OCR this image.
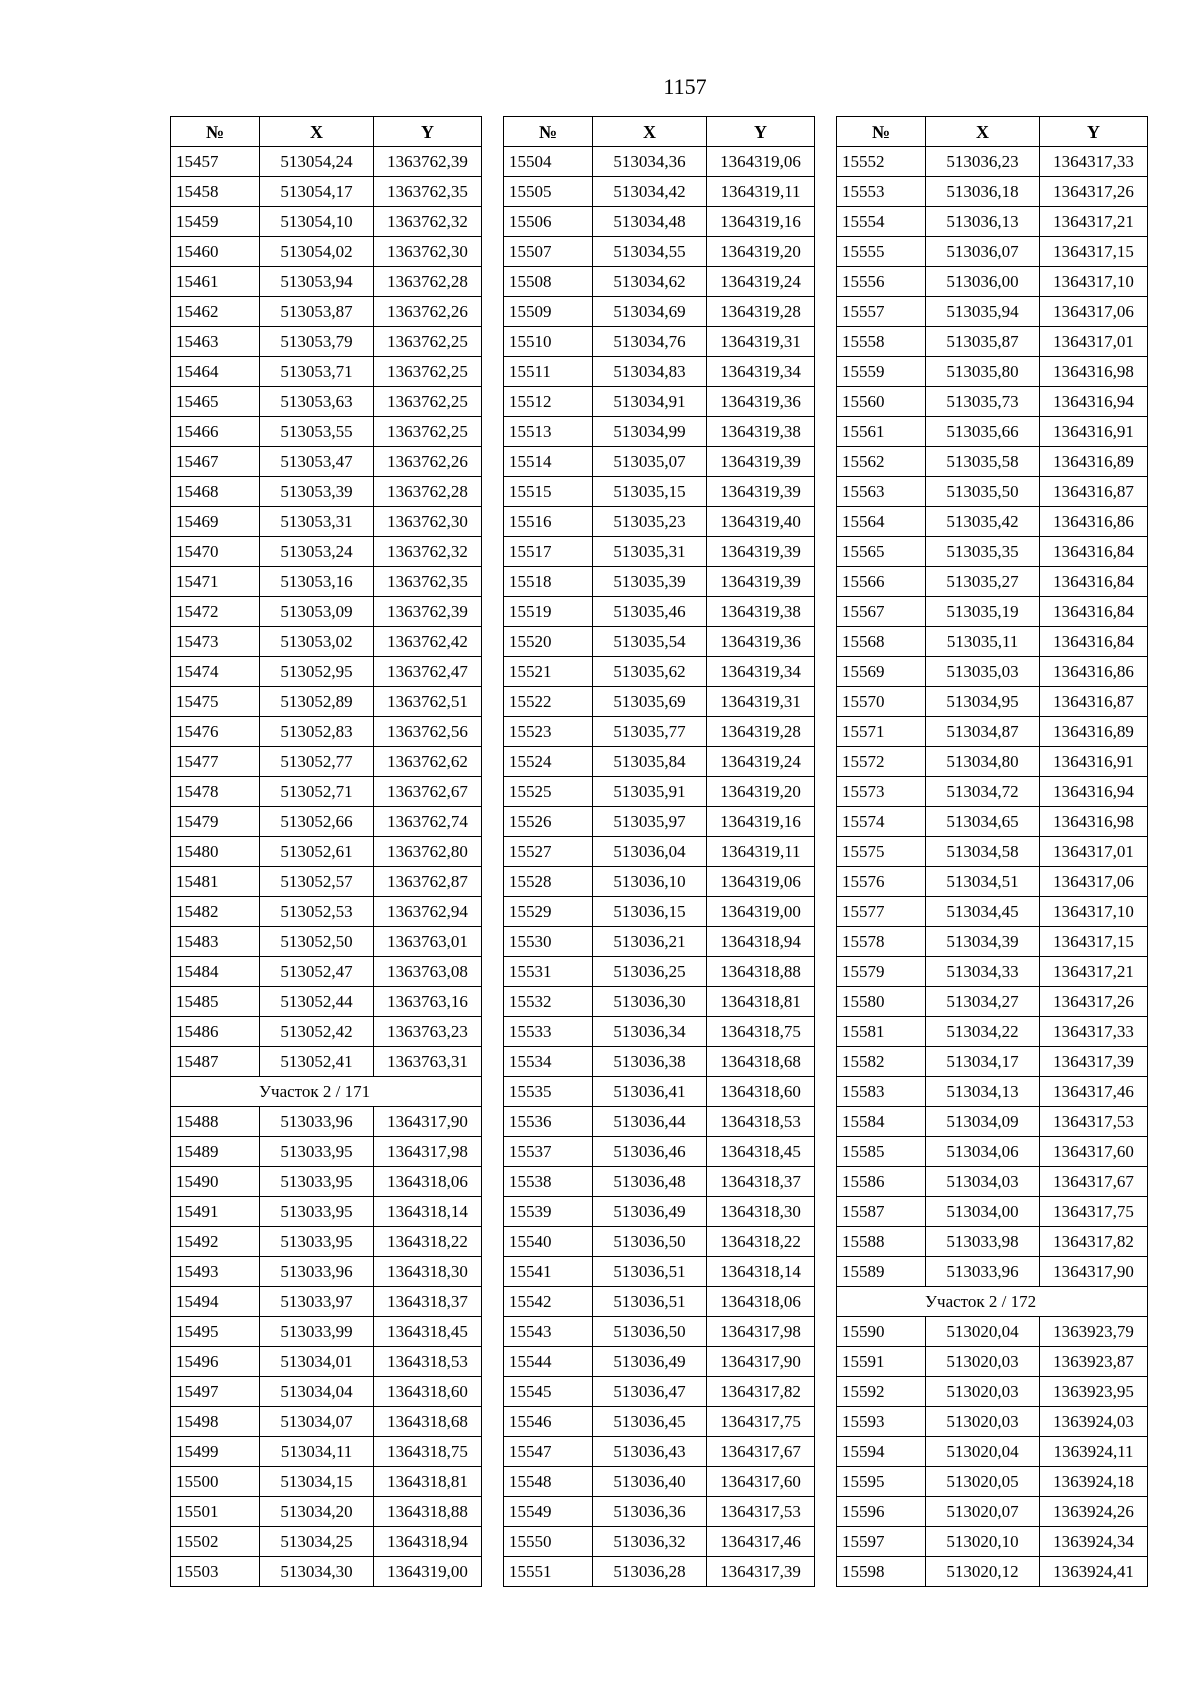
1157
№	X	Y
15457	513054,24	1363762,39
15458	513054,17	1363762,35
15459	513054,10	1363762,32
15460	513054,02	1363762,30
15461	513053,94	1363762,28
15462	513053,87	1363762,26
15463	513053,79	1363762,25
15464	513053,71	1363762,25
15465	513053,63	1363762,25
15466	513053,55	1363762,25
15467	513053,47	1363762,26
15468	513053,39	1363762,28
15469	513053,31	1363762,30
15470	513053,24	1363762,32
15471	513053,16	1363762,35
15472	513053,09	1363762,39
15473	513053,02	1363762,42
15474	513052,95	1363762,47
15475	513052,89	1363762,51
15476	513052,83	1363762,56
15477	513052,77	1363762,62
15478	513052,71	1363762,67
15479	513052,66	1363762,74
15480	513052,61	1363762,80
15481	513052,57	1363762,87
15482	513052,53	1363762,94
15483	513052,50	1363763,01
15484	513052,47	1363763,08
15485	513052,44	1363763,16
15486	513052,42	1363763,23
15487	513052,41	1363763,31
Участок 2 / 171		
15488	513033,96	1364317,90
15489	513033,95	1364317,98
15490	513033,95	1364318,06
15491	513033,95	1364318,14
15492	513033,95	1364318,22
15493	513033,96	1364318,30
15494	513033,97	1364318,37
15495	513033,99	1364318,45
15496	513034,01	1364318,53
15497	513034,04	1364318,60
15498	513034,07	1364318,68
15499	513034,11	1364318,75
15500	513034,15	1364318,81
15501	513034,20	1364318,88
15502	513034,25	1364318,94
15503	513034,30	1364319,00
№	X	Y
15504	513034,36	1364319,06
15505	513034,42	1364319,11
15506	513034,48	1364319,16
15507	513034,55	1364319,20
15508	513034,62	1364319,24
15509	513034,69	1364319,28
15510	513034,76	1364319,31
15511	513034,83	1364319,34
15512	513034,91	1364319,36
15513	513034,99	1364319,38
15514	513035,07	1364319,39
15515	513035,15	1364319,39
15516	513035,23	1364319,40
15517	513035,31	1364319,39
15518	513035,39	1364319,39
15519	513035,46	1364319,38
15520	513035,54	1364319,36
15521	513035,62	1364319,34
15522	513035,69	1364319,31
15523	513035,77	1364319,28
15524	513035,84	1364319,24
15525	513035,91	1364319,20
15526	513035,97	1364319,16
15527	513036,04	1364319,11
15528	513036,10	1364319,06
15529	513036,15	1364319,00
15530	513036,21	1364318,94
15531	513036,25	1364318,88
15532	513036,30	1364318,81
15533	513036,34	1364318,75
15534	513036,38	1364318,68
15535	513036,41	1364318,60
15536	513036,44	1364318,53
15537	513036,46	1364318,45
15538	513036,48	1364318,37
15539	513036,49	1364318,30
15540	513036,50	1364318,22
15541	513036,51	1364318,14
15542	513036,51	1364318,06
15543	513036,50	1364317,98
15544	513036,49	1364317,90
15545	513036,47	1364317,82
15546	513036,45	1364317,75
15547	513036,43	1364317,67
15548	513036,40	1364317,60
15549	513036,36	1364317,53
15550	513036,32	1364317,46
15551	513036,28	1364317,39
№	X	Y
15552	513036,23	1364317,33
15553	513036,18	1364317,26
15554	513036,13	1364317,21
15555	513036,07	1364317,15
15556	513036,00	1364317,10
15557	513035,94	1364317,06
15558	513035,87	1364317,01
15559	513035,80	1364316,98
15560	513035,73	1364316,94
15561	513035,66	1364316,91
15562	513035,58	1364316,89
15563	513035,50	1364316,87
15564	513035,42	1364316,86
15565	513035,35	1364316,84
15566	513035,27	1364316,84
15567	513035,19	1364316,84
15568	513035,11	1364316,84
15569	513035,03	1364316,86
15570	513034,95	1364316,87
15571	513034,87	1364316,89
15572	513034,80	1364316,91
15573	513034,72	1364316,94
15574	513034,65	1364316,98
15575	513034,58	1364317,01
15576	513034,51	1364317,06
15577	513034,45	1364317,10
15578	513034,39	1364317,15
15579	513034,33	1364317,21
15580	513034,27	1364317,26
15581	513034,22	1364317,33
15582	513034,17	1364317,39
15583	513034,13	1364317,46
15584	513034,09	1364317,53
15585	513034,06	1364317,60
15586	513034,03	1364317,67
15587	513034,00	1364317,75
15588	513033,98	1364317,82
15589	513033,96	1364317,90
Участок 2 / 172		
15590	513020,04	1363923,79
15591	513020,03	1363923,87
15592	513020,03	1363923,95
15593	513020,03	1363924,03
15594	513020,04	1363924,11
15595	513020,05	1363924,18
15596	513020,07	1363924,26
15597	513020,10	1363924,34
15598	513020,12	1363924,41
